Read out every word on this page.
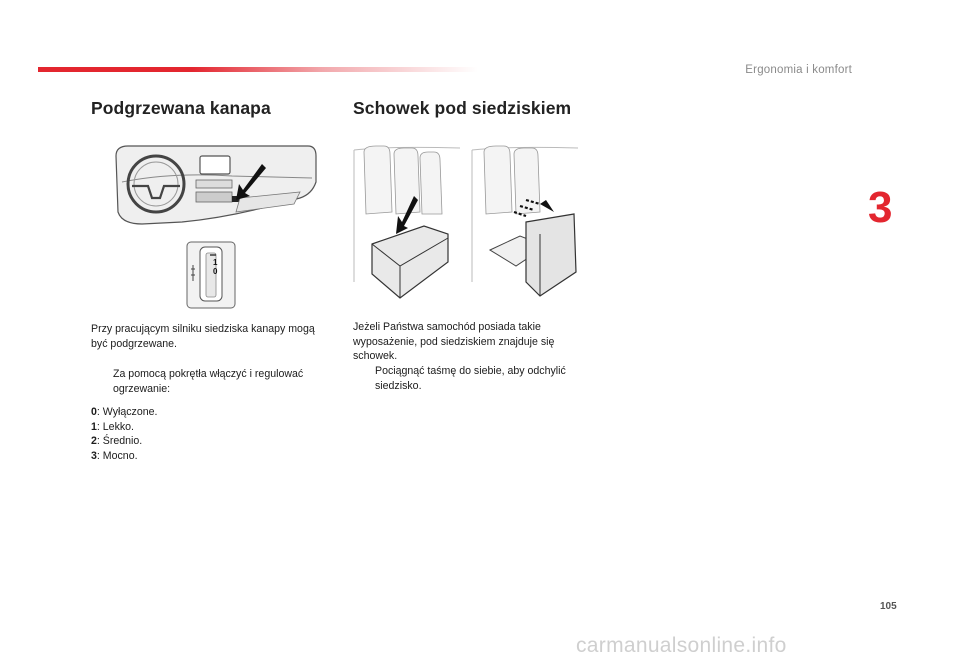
Ergonomia i komfort
3
Podgrzewana kanapa	Schowek pod siedziskiem
1
0
Przy pracującym silniku siedziska kanapy mogą być podgrzewane.
Za pomocą pokrętła włączyć i regulować ogrzewanie:
0: Wyłączone.
1: Lekko.
2: Średnio.
3: Mocno.
Jeżeli Państwa samochód posiada takie wyposażenie, pod siedziskiem znajduje się schowek.
Pociągnąć taśmę do siebie, aby odchylić siedzisko.
105
carmanualsonline.info
